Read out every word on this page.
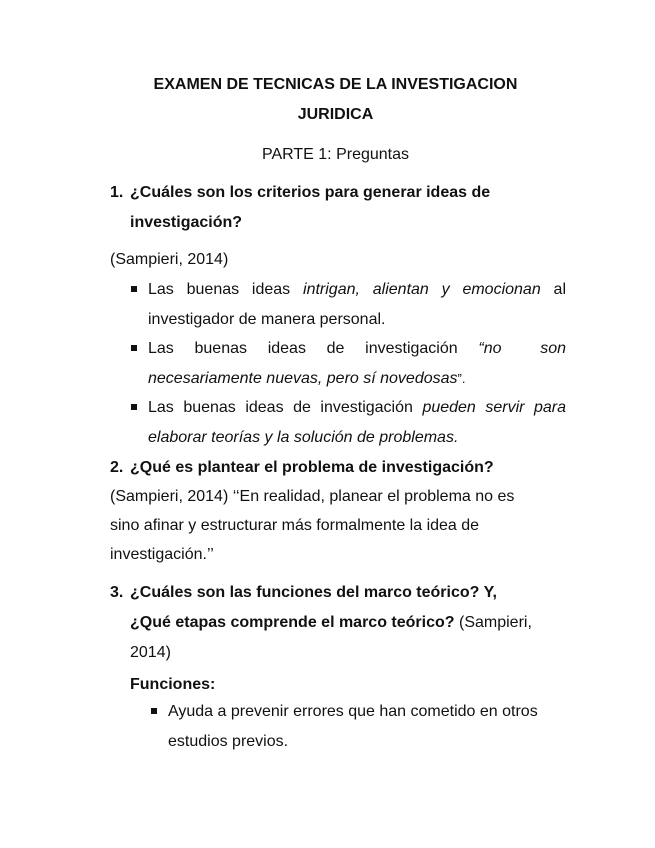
EXAMEN DE TECNICAS DE LA INVESTIGACION
JURIDICA
PARTE 1: Preguntas
1. ¿Cuáles son los criterios para generar ideas de
investigación?
(Sampieri, 2014)
Las buenas ideas intrigan, alientan y emocionan al
investigador de manera personal.
Las buenas ideas de investigación “no son
necesariamente nuevas, pero sí novedosas”.
Las buenas ideas de investigación pueden servir para
elaborar teorías y la solución de problemas.
2. ¿Qué es plantear el problema de investigación?
(Sampieri, 2014) ‘‘En realidad, planear el problema no es
sino afinar y estructurar más formalmente la idea de
investigación.’’
3. ¿Cuáles son las funciones del marco teórico? Y,
¿Qué etapas comprende el marco teórico? (Sampieri,
2014)
Funciones:
Ayuda a prevenir errores que han cometido en otros
estudios previos.
